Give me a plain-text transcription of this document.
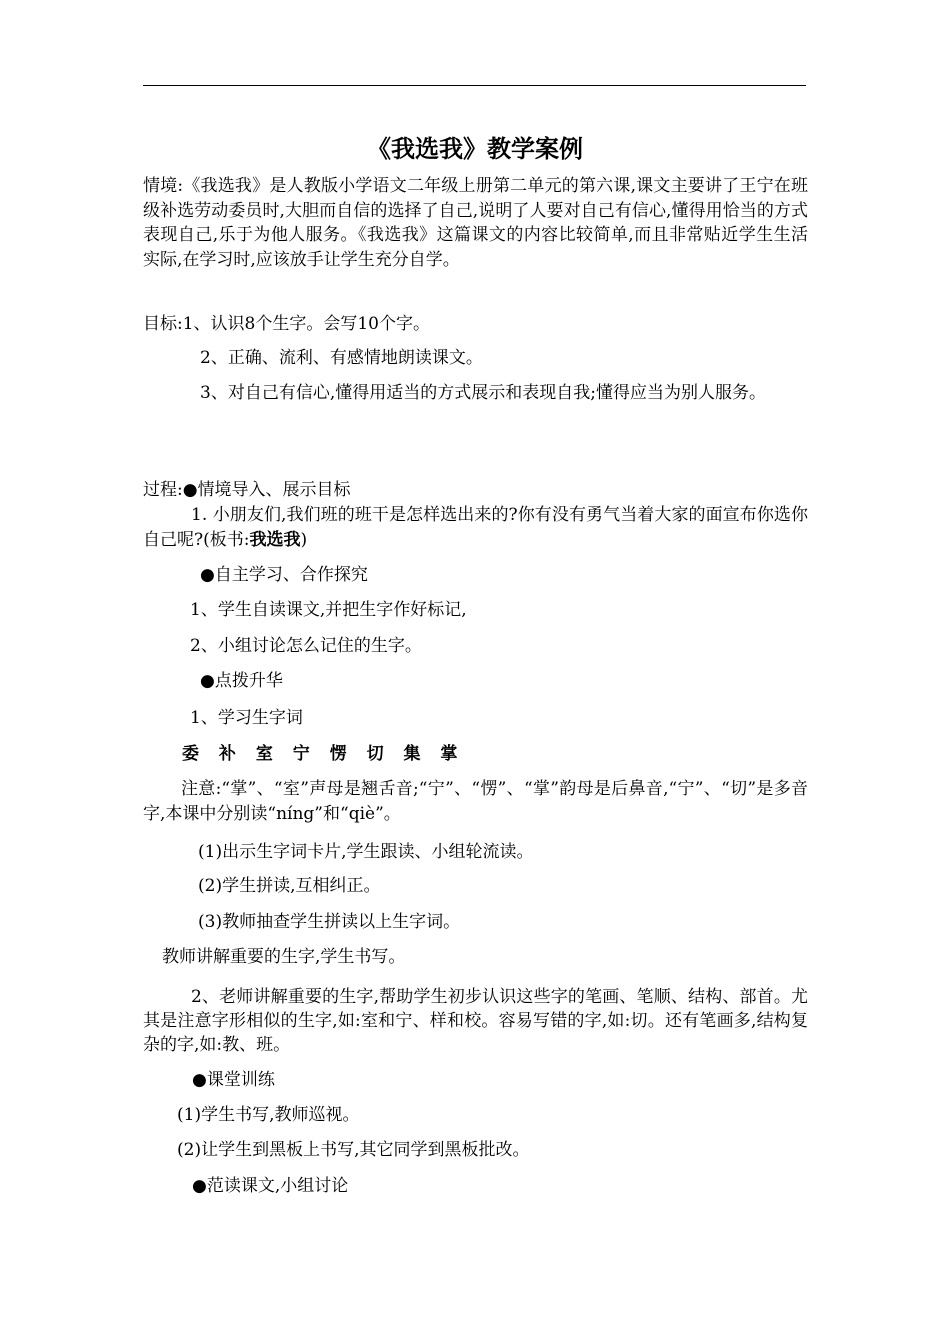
《我选我》教学案例
情境:《我选我》是人教版小学语文二年级上册第二单元的第六课,课文主要讲了王宁在班级补选劳动委员时,大胆而自信的选择了自己,说明了人要对自己有信心,懂得用恰当的方式表现自己,乐于为他人服务。《我选我》这篇课文的内容比较简单,而且非常贴近学生生活实际,在学习时,应该放手让学生充分自学。
目标:1、认识8个生字。会写10个字。
2、正确、流利、有感情地朗读课文。
3、对自己有信心,懂得用适当的方式展示和表现自我;懂得应当为别人服务。
过程:●情境导入、展示目标
1. 小朋友们,我们班的班干是怎样选出来的?你有没有勇气当着大家的面宣布你选你自己呢?(板书:我选我)
●自主学习、合作探究
1、学生自读课文,并把生字作好标记,
2、小组讨论怎么记住的生字。
●点拨升华
1、学习生字词
委 补 室 宁 愣 切 集 掌
注意:“掌”、“室”声母是翘舌音;“宁”、“愣”、“掌”韵母是后鼻音,“宁”、“切”是多音字,本课中分别读“níng”和“qiè”。
(1)出示生字词卡片,学生跟读、小组轮流读。
(2)学生拼读,互相纠正。
(3)教师抽查学生拼读以上生字词。
教师讲解重要的生字,学生书写。
2、老师讲解重要的生字,帮助学生初步认识这些字的笔画、笔顺、结构、部首。尤其是注意字形相似的生字,如:室和宁、样和校。容易写错的字,如:切。还有笔画多,结构复杂的字,如:教、班。
●课堂训练
(1)学生书写,教师巡视。
(2)让学生到黑板上书写,其它同学到黑板批改。
●范读课文,小组讨论
